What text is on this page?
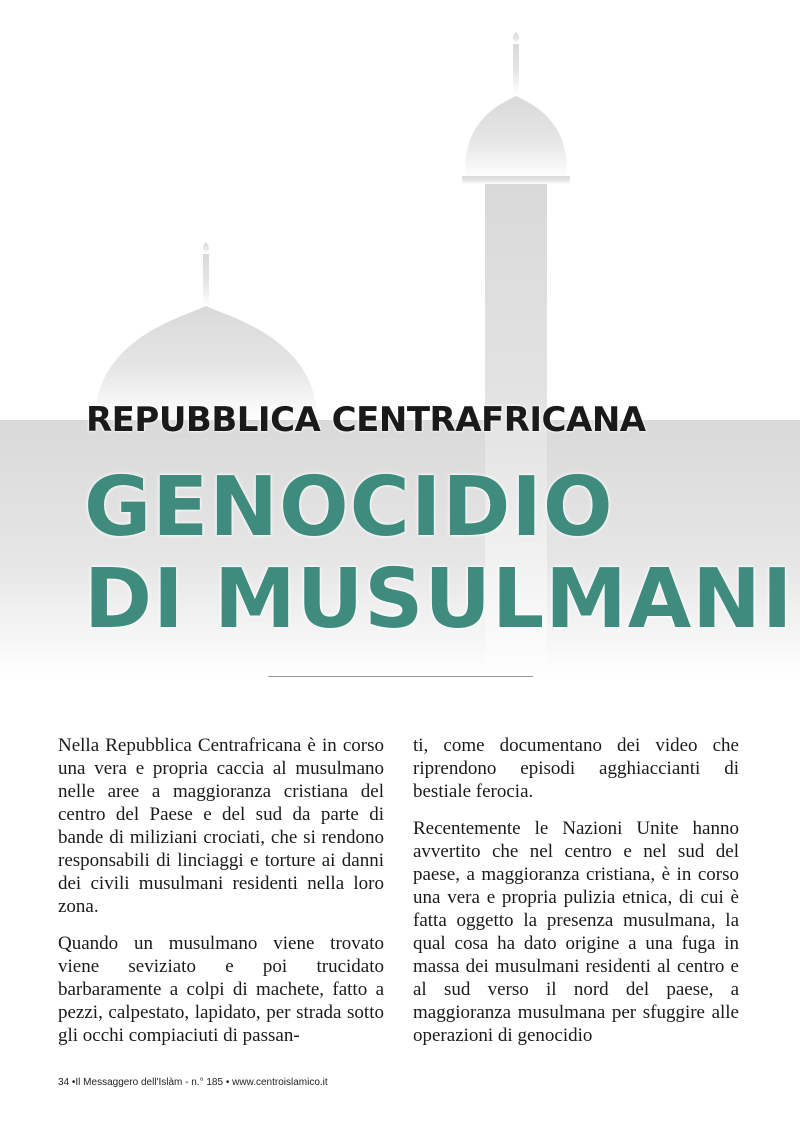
REPUBBLICA CENTRAFRICANA
GENOCIDIO
DI MUSULMANI

Nella Repubblica Centrafricana è in corso una vera e propria caccia al musulmano nelle aree a maggioranza cristiana del centro del Paese e del sud da parte di bande di miliziani crociati, che si rendono responsabili di linciaggi e torture ai danni dei civili musulmani residenti nella loro zona.

Quando un musulmano viene trovato viene seviziato e poi trucidato barbaramente a colpi di machete, fatto a pezzi, calpestato, lapidato, per strada sotto gli occhi compiaciuti di passan-

ti, come documentano dei video che riprendono episodi agghiaccianti di bestiale ferocia.

Recentemente le Nazioni Unite hanno avvertito che nel centro e nel sud del paese, a maggioranza cristiana, è in corso una vera e propria pulizia etnica, di cui è fatta oggetto la presenza musulmana, la qual cosa ha dato origine a una fuga in massa dei musulmani residenti al centro e al sud verso il nord del paese, a maggioranza musulmana per sfuggire alle operazioni di genocidio

34 •Il Messaggero dell'Islàm - n.° 185 • www.centroislamico.it
